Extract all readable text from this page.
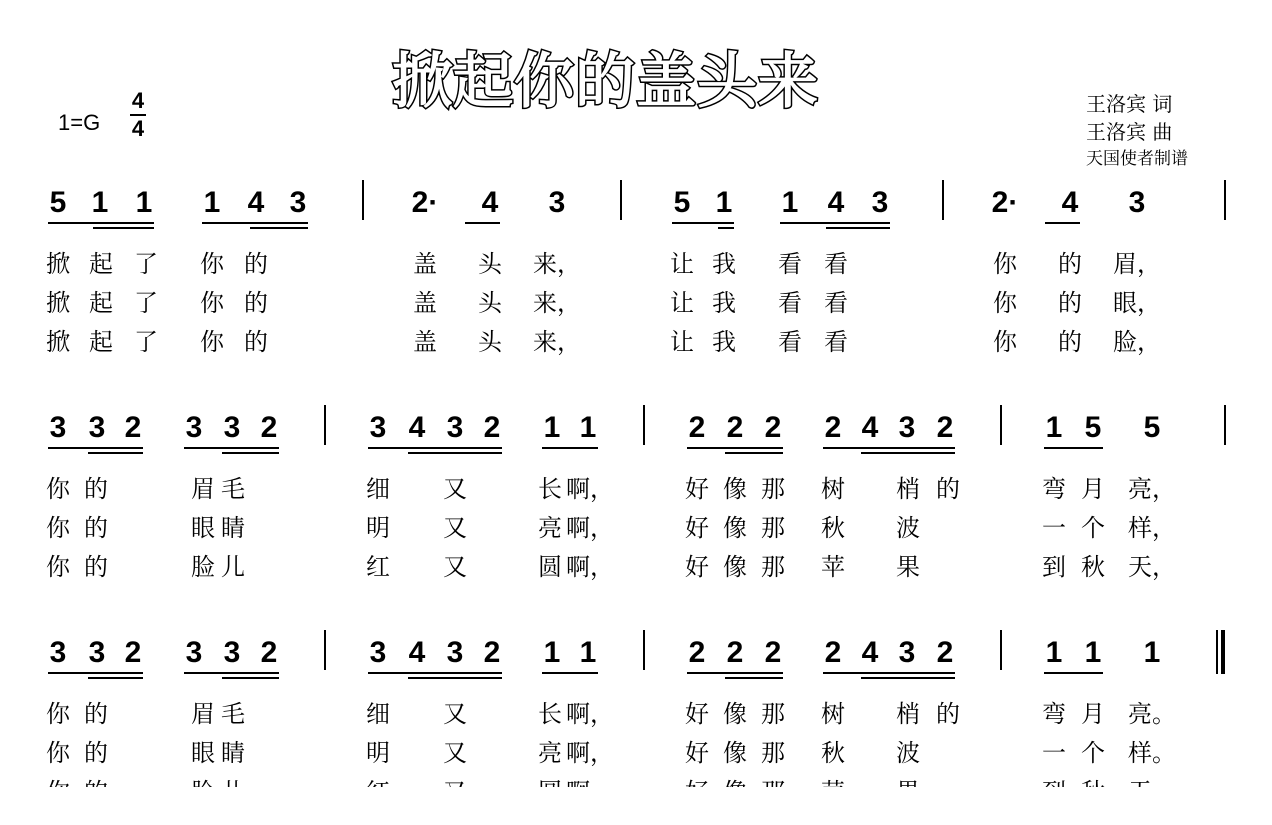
掀起你的盖头来
1=G
4
4
王洛宾 词
王洛宾 曲
天国使者制谱
5 1 1 1 4 3	2· 4 3	5 1 1 4 3	2· 4 3
掀 起 了 你 的	盖 头 来，	让 我 看 看	你 的 眉，
掀 起 了 你 的	盖 头 来，	让 我 看 看	你 的 眼，
掀 起 了 你 的	盖 头 来，	让 我 看 看	你 的 脸，
3 3 2 3 3 2	3 4 3 2 1 1	2 2 2 2 4 3 2	1 5 5
你 的	眉 毛	细 又	长 啊，	好 像 那 树 梢 的	弯 月 亮，
你 的	眼 睛	明 又	亮 啊，	好 像 那 秋 波	一 个 样，
你 的	脸 儿	红 又	圆 啊，	好 像 那 苹 果	到 秋 天，
3 3 2 3 3 2	3 4 3 2 1 1	2 2 2 2 4 3 2	1 1 1
你 的	眉 毛	细 又	长 啊，	好 像 那 树 梢 的	弯 月 亮。
你 的	眼 睛	明 又	亮 啊，	好 像 那 秋 波	一 个 样。
